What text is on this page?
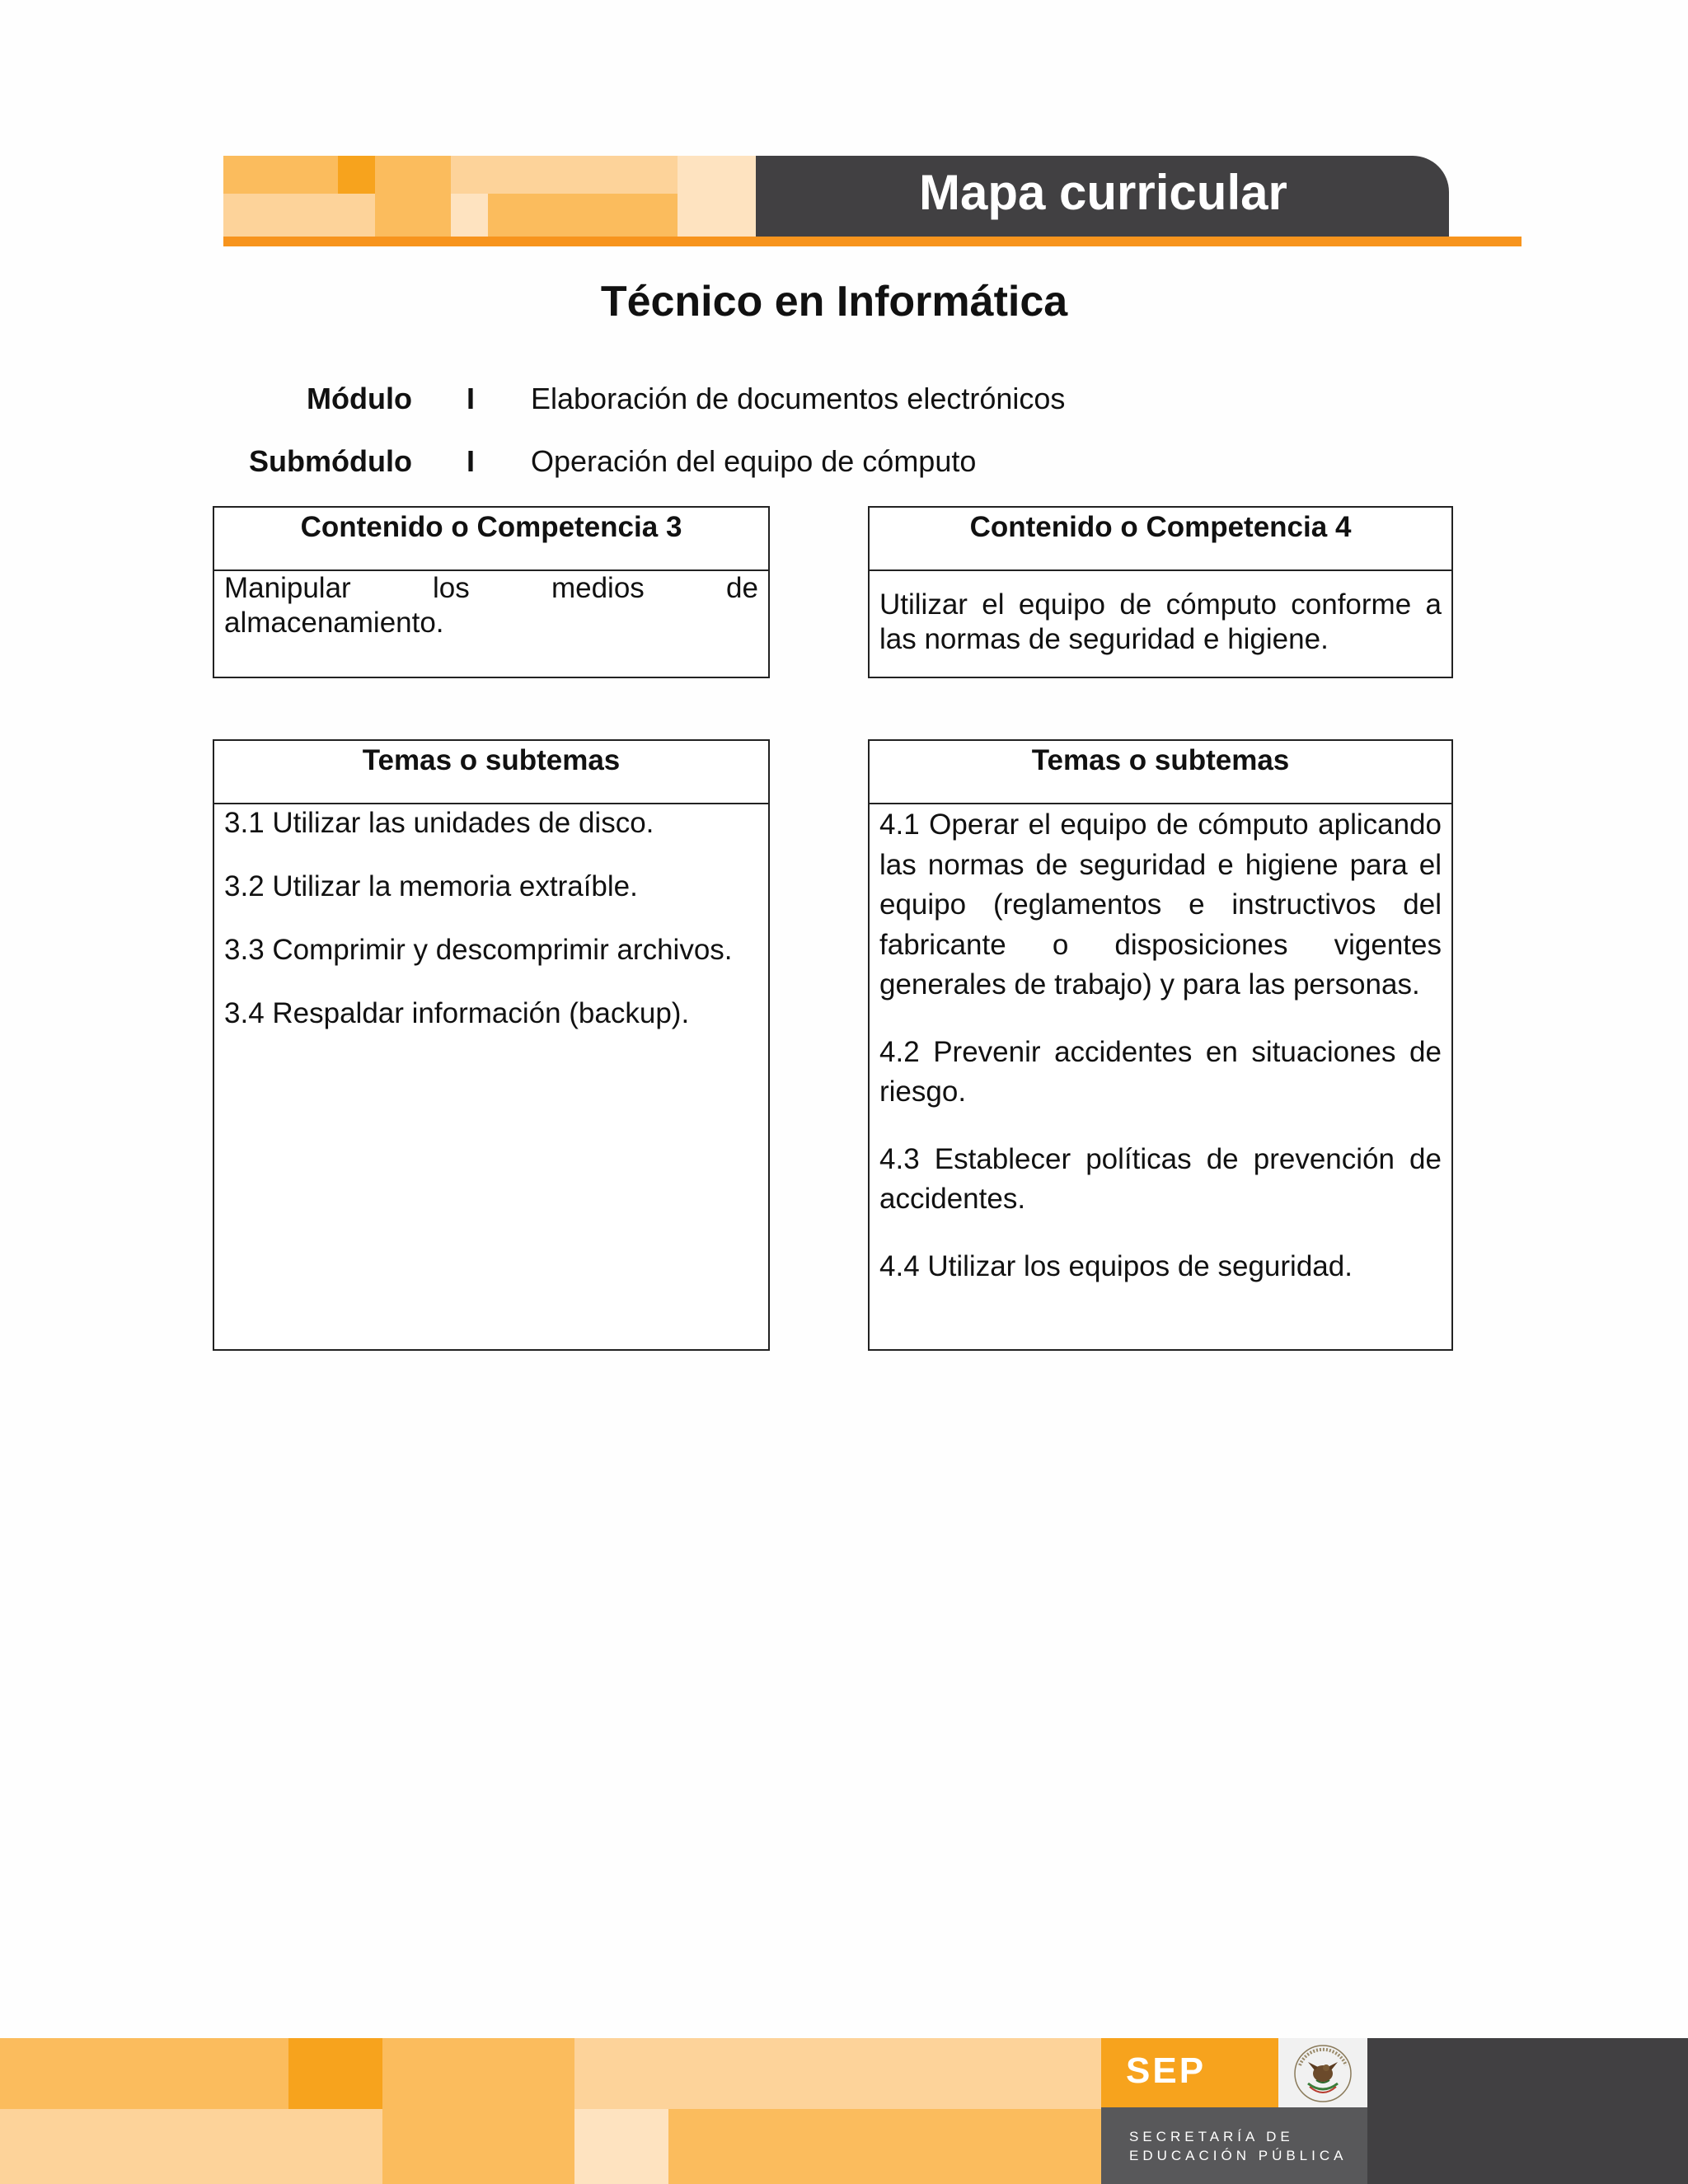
Mapa curricular
Técnico en Informática
Módulo I Elaboración de documentos electrónicos
Submódulo I Operación del equipo de cómputo
Contenido o Competencia 3
Manipular los medios de almacenamiento.
Contenido o Competencia 4
Utilizar el equipo de cómputo conforme a las normas de seguridad e higiene.
Temas o subtemas
3.1 Utilizar las unidades de disco.
3.2 Utilizar la memoria extraíble.
3.3 Comprimir y descomprimir archivos.
3.4 Respaldar información (backup).
Temas o subtemas
4.1 Operar el equipo de cómputo aplicando las normas de seguridad e higiene para el equipo (reglamentos e instructivos del fabricante o disposiciones vigentes generales de trabajo) y para las personas.
4.2 Prevenir accidentes en situaciones de riesgo.
4.3 Establecer políticas de prevención de accidentes.
4.4 Utilizar los equipos de seguridad.
SEP
SECRETARÍA DE
EDUCACIÓN PÚBLICA
